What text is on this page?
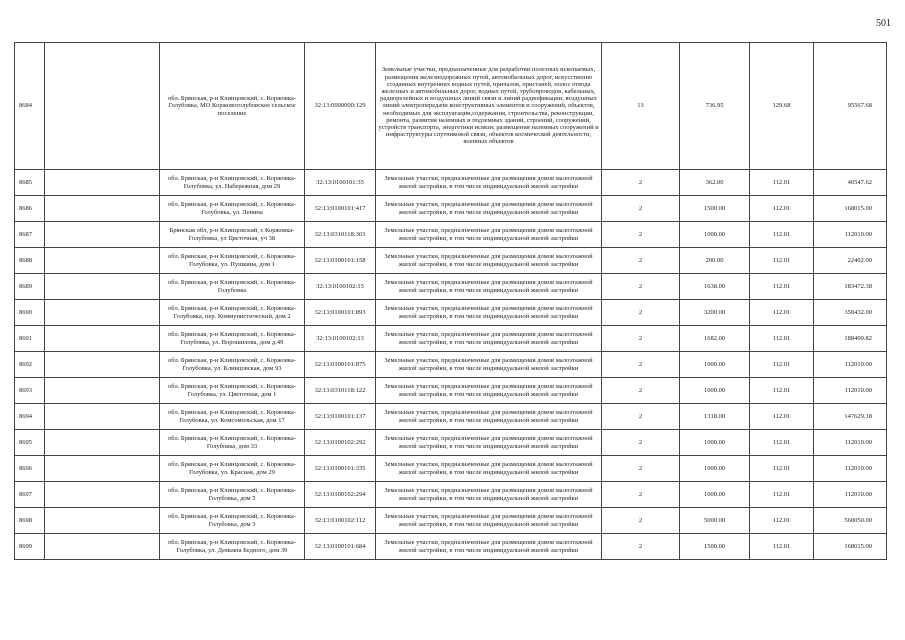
501
8684		обл. Брянская, р-н Клинцовский, с. Коржовка-Голубовка, МО Коржовоголубовское сельское поселение	32:13:0000000:129	Земельные участки, предназначенные для разработки полезных ископаемых, размещения железнодорожных путей, автомобильных дорог, искусственно созданных внутренних водных путей, причалов, пристаней, полос отвода железных и автомобильных дорог, водных путей, трубопроводов, кабельных, радиорелейных и воздушных линий связи и линий радиофикации, воздушных линий электропередачи конструктивных элементов и сооружений, объектов, необходимых для эксплуатации,содержания, строительства, реконструкции, ремонта, развития наземных и подземных зданий, строений, сооружений, устройств транспорта, энергетики исвязи; размещения наземных сооружений и инфраструктуры спутниковой связи, объектов космической деятельности, военных объектов	13	736.95	129.68	95567.68
8685		обл. Брянская, р-н Клинцовский, с. Коржовка-Голубовка, ул. Набережная, дом 29	32:13:0100101:35	Земельные участки, предназначенные для размещения домов малоэтажной жилой застройки, в том числе индивидуальной жилой застройки	2	362.00	112.01	40547.62
8686		обл. Брянская, р-н Клинцовский, с. Коржовка-Голубовка, ул. Ленина	32:13:0100101:417	Земельные участки, предназначенные для размещения домов малоэтажной жилой застройки, в том числе индивидуальной жилой застройки	2	1500.00	112.01	168015.00
8687		Брянская обл, р-н Клинцовский, с Коржовка-Голубовка, ул Цветочная, уч 38	32:13:0310118:303	Земельные участки, предназначенные для размещения домов малоэтажной жилой застройки, в том числе индивидуальной жилой застройки	2	1000.00	112.01	112010.00
8688		обл. Брянская, р-н Клинцовский, с. Коржовка-Голубовка, ул. Пушкина, дом 1	32:13:0100101:158	Земельные участки, предназначенные для размещения домов малоэтажной жилой застройки, в том числе индивидуальной жилой застройки	2	200.00	112.01	22402.00
8689		обл. Брянская, р-н Клинцовский, с. Коржовка-Голубовка	32:13:0100102:15	Земельные участки, предназначенные для размещения домов малоэтажной жилой застройки, в том числе индивидуальной жилой застройки	2	1638.00	112.01	183472.38
8690		обл. Брянская, р-н Клинцовский, с. Коржовка-Голубовка, пер. Коммунистический, дом 2	32:13:0100101:893	Земельные участки, предназначенные для размещения домов малоэтажной жилой застройки, в том числе индивидуальной жилой застройки	2	3200.00	112.01	358432.00
8691		обл. Брянская, р-н Клинцовский, с. Коржовка-Голубовка, ул. Ворошилова, дом д.49	32:13:0100102:13	Земельные участки, предназначенные для размещения домов малоэтажной жилой застройки, в том числе индивидуальной жилой застройки	2	1682.00	112.01	188400.82
8692		обл. Брянская, р-н Клинцовский, с. Коржовка-Голубовка, ул. Клинцовская, дом 93	32:13:0100101:875	Земельные участки, предназначенные для размещения домов малоэтажной жилой застройки, в том числе индивидуальной жилой застройки	2	1000.00	112.01	112010.00
8693		обл. Брянская, р-н Клинцовский, с. Коржовка-Голубовка, ул. Цветочная, дом 1	32:13:0310118:122	Земельные участки, предназначенные для размещения домов малоэтажной жилой застройки, в том числе индивидуальной жилой застройки	2	1000.00	112.01	112010.00
8694		обл. Брянская, р-н Клинцовский, с. Коржовка-Голубовка, ул. Комсомольская, дом 17	32:13:0100101:137	Земельные участки, предназначенные для размещения домов малоэтажной жилой застройки, в том числе индивидуальной жилой застройки	2	1318.00	112.01	147629.18
8695		обл. Брянская, р-н Клинцовский, с. Коржовка-Голубовка, дом 33	32:13:0100102:292	Земельные участки, предназначенные для размещения домов малоэтажной жилой застройки, в том числе индивидуальной жилой застройки	2	1000.00	112.01	112010.00
8696		обл. Брянская, р-н Клинцовский, с. Коржовка-Голубовка, ул. Красная, дом 29	32:13:0100101:335	Земельные участки, предназначенные для размещения домов малоэтажной жилой застройки, в том числе индивидуальной жилой застройки	2	1000.00	112.01	112010.00
8697		обл. Брянская, р-н Клинцовский, с. Коржовка-Голубовка, дом 5	32:13:0100102:294	Земельные участки, предназначенные для размещения домов малоэтажной жилой застройки, в том числе индивидуальной жилой застройки	2	1000.00	112.01	112010.00
8698		обл. Брянская, р-н Клинцовский, с. Коржовка-Голубовка, дом 3	32:13:0100102:112	Земельные участки, предназначенные для размещения домов малоэтажной жилой застройки, в том числе индивидуальной жилой застройки	2	5000.00	112.01	560050.00
8699		обл. Брянская, р-н Клинцовский, с. Коржовка-Голубовка, ул. Демьяна Бедного, дом 39	32:13:0100101:684	Земельные участки, предназначенные для размещения домов малоэтажной жилой застройки, в том числе индивидуальной жилой застройки	2	1500.00	112.01	168015.00
